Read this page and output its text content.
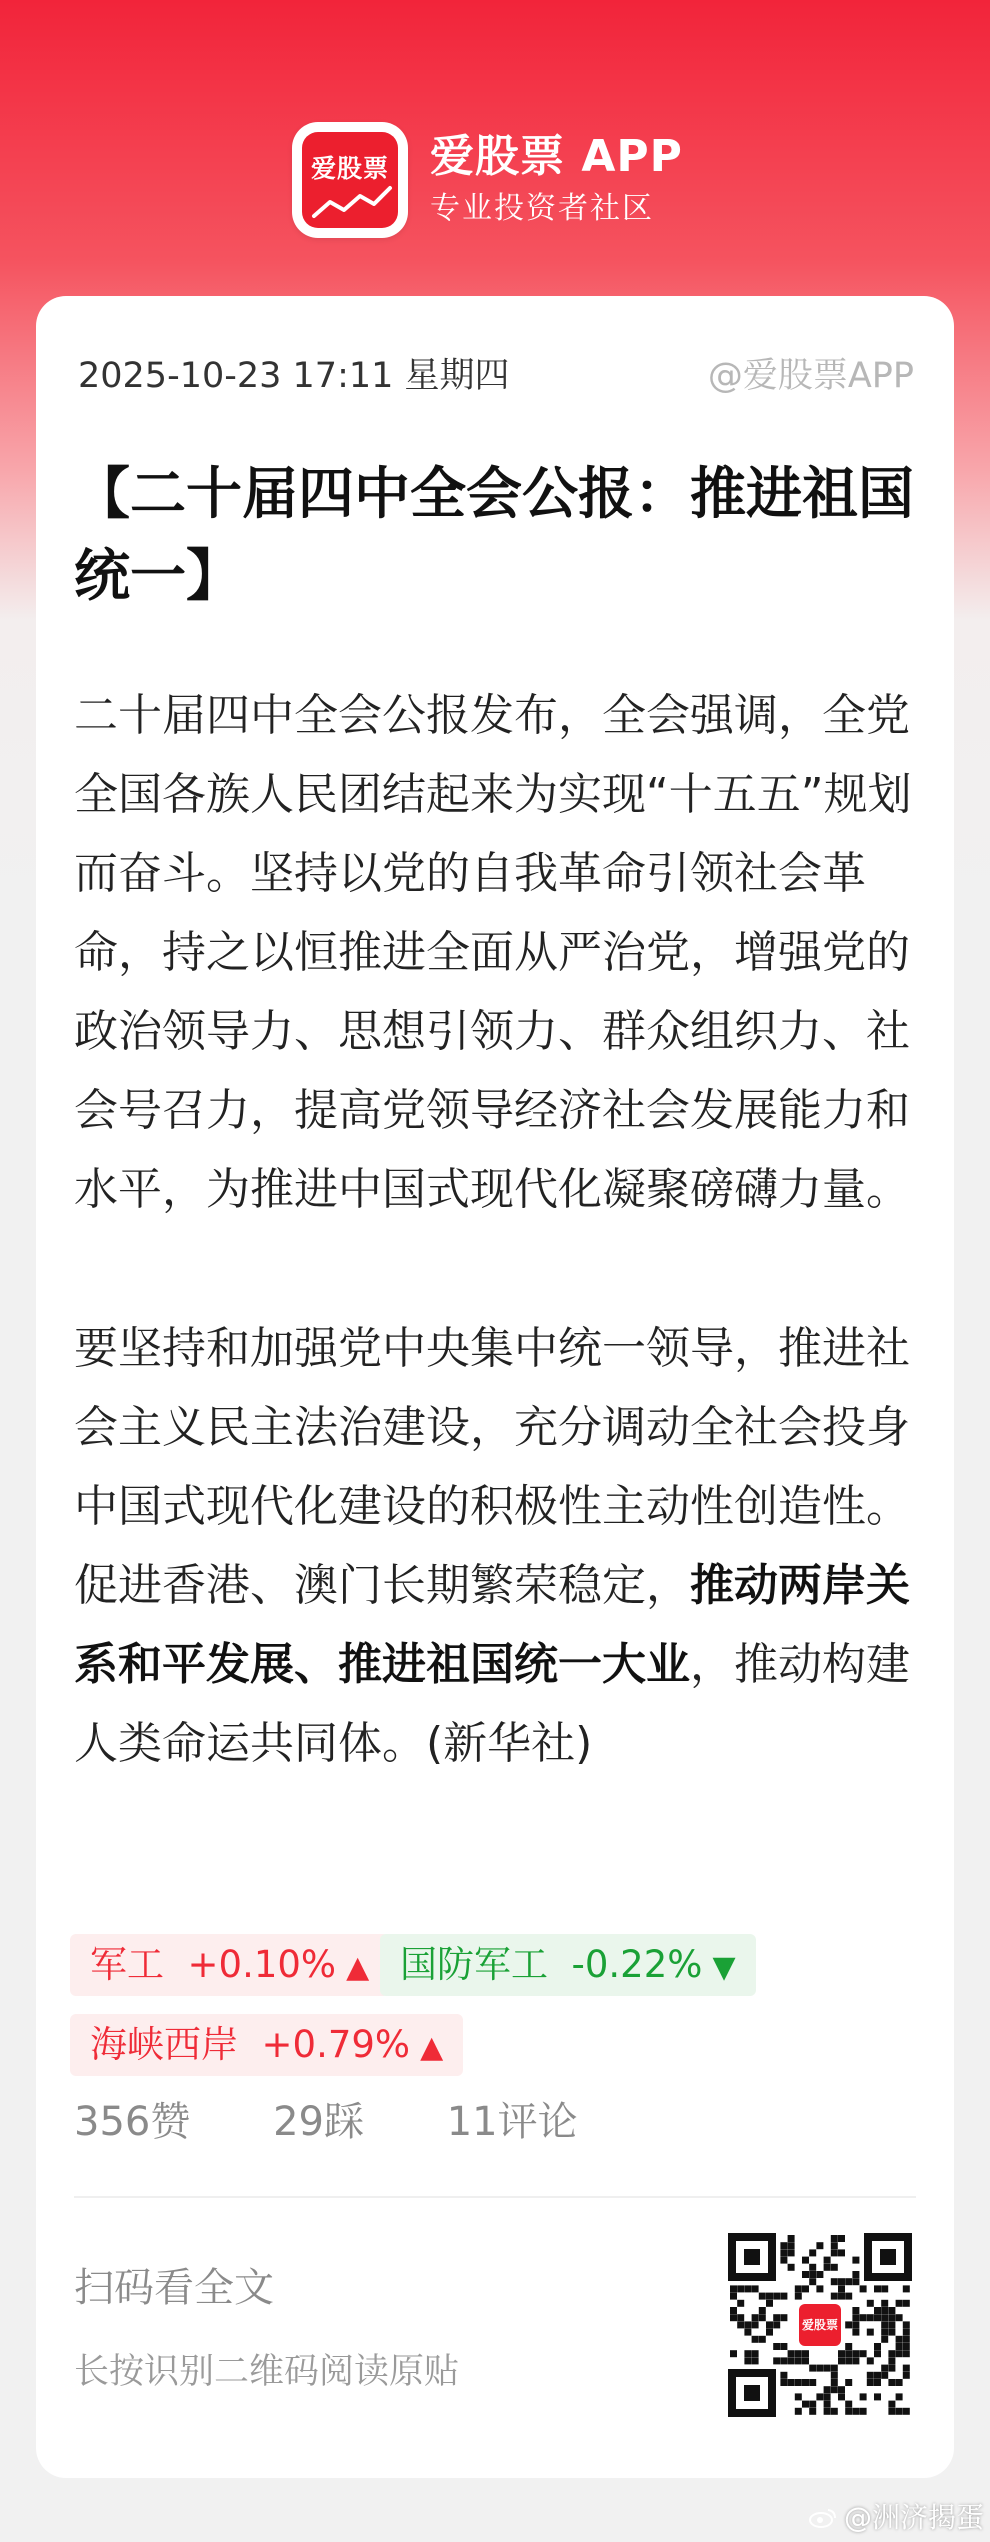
爱股票 爱股票 APP
专业投资者社区
2025-10-23 17:11 星期四	@爱股票APP
【二十届四中全会公报：推进祖国统一】

二十届四中全会公报发布，全会强调，全党全国各族人民团结起来为实现“十五五”规划而奋斗。坚持以党的自我革命引领社会革命，持之以恒推进全面从严治党，增强党的政治领导力、思想引领力、群众组织力、社会号召力，提高党领导经济社会发展能力和水平，为推进中国式现代化凝聚磅礴力量。

要坚持和加强党中央集中统一领导，推进社会主义民主法治建设，充分调动全社会投身中国式现代化建设的积极性主动性创造性。促进香港、澳门长期繁荣稳定，推动两岸关系和平发展、推进祖国统一大业，推动构建人类命运共同体。(新华社)

军工 +0.10% ▲ 国防军工 -0.22% ▼
海峡西岸 +0.79% ▲
356赞 29踩 11评论
扫码看全文
长按识别二维码阅读原贴
爱股票
@洲济揭蛋
